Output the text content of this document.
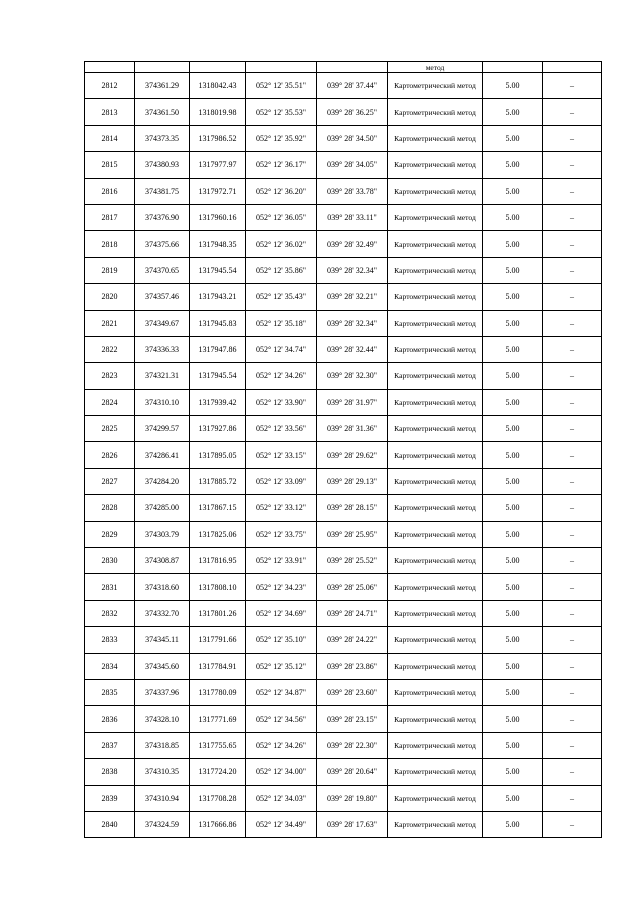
					метод		
2812	374361.29	1318042.43	052° 12' 35.51"	039° 28' 37.44"	Картометрический метод	5.00	–
2813	374361.50	1318019.98	052° 12' 35.53"	039° 28' 36.25"	Картометрический метод	5.00	–
2814	374373.35	1317986.52	052° 12' 35.92"	039° 28' 34.50"	Картометрический метод	5.00	–
2815	374380.93	1317977.97	052° 12' 36.17"	039° 28' 34.05"	Картометрический метод	5.00	–
2816	374381.75	1317972.71	052° 12' 36.20"	039° 28' 33.78"	Картометрический метод	5.00	–
2817	374376.90	1317960.16	052° 12' 36.05"	039° 28' 33.11"	Картометрический метод	5.00	–
2818	374375.66	1317948.35	052° 12' 36.02"	039° 28' 32.49"	Картометрический метод	5.00	–
2819	374370.65	1317945.54	052° 12' 35.86"	039° 28' 32.34"	Картометрический метод	5.00	–
2820	374357.46	1317943.21	052° 12' 35.43"	039° 28' 32.21"	Картометрический метод	5.00	–
2821	374349.67	1317945.83	052° 12' 35.18"	039° 28' 32.34"	Картометрический метод	5.00	–
2822	374336.33	1317947.86	052° 12' 34.74"	039° 28' 32.44"	Картометрический метод	5.00	–
2823	374321.31	1317945.54	052° 12' 34.26"	039° 28' 32.30"	Картометрический метод	5.00	–
2824	374310.10	1317939.42	052° 12' 33.90"	039° 28' 31.97"	Картометрический метод	5.00	–
2825	374299.57	1317927.86	052° 12' 33.56"	039° 28' 31.36"	Картометрический метод	5.00	–
2826	374286.41	1317895.05	052° 12' 33.15"	039° 28' 29.62"	Картометрический метод	5.00	–
2827	374284.20	1317885.72	052° 12' 33.09"	039° 28' 29.13"	Картометрический метод	5.00	–
2828	374285.00	1317867.15	052° 12' 33.12"	039° 28' 28.15"	Картометрический метод	5.00	–
2829	374303.79	1317825.06	052° 12' 33.75"	039° 28' 25.95"	Картометрический метод	5.00	–
2830	374308.87	1317816.95	052° 12' 33.91"	039° 28' 25.52"	Картометрический метод	5.00	–
2831	374318.60	1317808.10	052° 12' 34.23"	039° 28' 25.06"	Картометрический метод	5.00	–
2832	374332.70	1317801.26	052° 12' 34.69"	039° 28' 24.71"	Картометрический метод	5.00	–
2833	374345.11	1317791.66	052° 12' 35.10"	039° 28' 24.22"	Картометрический метод	5.00	–
2834	374345.60	1317784.91	052° 12' 35.12"	039° 28' 23.86"	Картометрический метод	5.00	–
2835	374337.96	1317780.09	052° 12' 34.87"	039° 28' 23.60"	Картометрический метод	5.00	–
2836	374328.10	1317771.69	052° 12' 34.56"	039° 28' 23.15"	Картометрический метод	5.00	–
2837	374318.85	1317755.65	052° 12' 34.26"	039° 28' 22.30"	Картометрический метод	5.00	–
2838	374310.35	1317724.20	052° 12' 34.00"	039° 28' 20.64"	Картометрический метод	5.00	–
2839	374310.94	1317708.28	052° 12' 34.03"	039° 28' 19.80"	Картометрический метод	5.00	–
2840	374324.59	1317666.86	052° 12' 34.49"	039° 28' 17.63"	Картометрический метод	5.00	–
